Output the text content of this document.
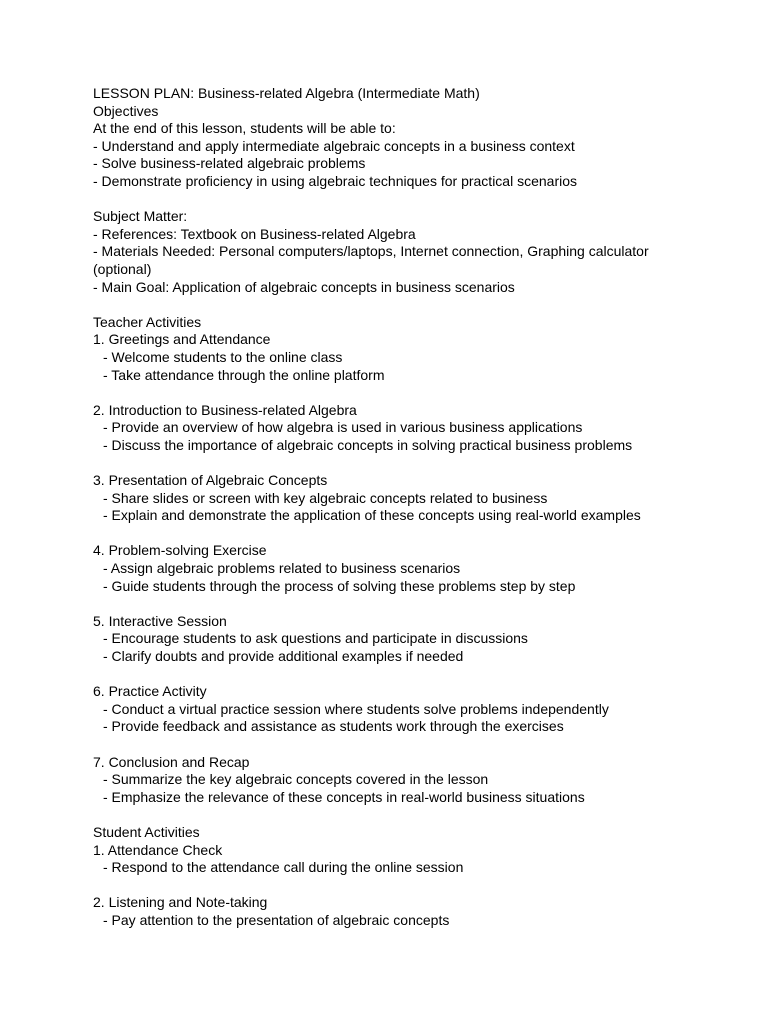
LESSON PLAN: Business-related Algebra (Intermediate Math)
Objectives
At the end of this lesson, students will be able to:
- Understand and apply intermediate algebraic concepts in a business context
- Solve business-related algebraic problems
- Demonstrate proficiency in using algebraic techniques for practical scenarios
Subject Matter:
- References: Textbook on Business-related Algebra
- Materials Needed: Personal computers/laptops, Internet connection, Graphing calculator
(optional)
- Main Goal: Application of algebraic concepts in business scenarios
Teacher Activities
1. Greetings and Attendance
- Welcome students to the online class
- Take attendance through the online platform
2. Introduction to Business-related Algebra
- Provide an overview of how algebra is used in various business applications
- Discuss the importance of algebraic concepts in solving practical business problems
3. Presentation of Algebraic Concepts
- Share slides or screen with key algebraic concepts related to business
- Explain and demonstrate the application of these concepts using real-world examples
4. Problem-solving Exercise
- Assign algebraic problems related to business scenarios
- Guide students through the process of solving these problems step by step
5. Interactive Session
- Encourage students to ask questions and participate in discussions
- Clarify doubts and provide additional examples if needed
6. Practice Activity
- Conduct a virtual practice session where students solve problems independently
- Provide feedback and assistance as students work through the exercises
7. Conclusion and Recap
- Summarize the key algebraic concepts covered in the lesson
- Emphasize the relevance of these concepts in real-world business situations
Student Activities
1. Attendance Check
- Respond to the attendance call during the online session
2. Listening and Note-taking
- Pay attention to the presentation of algebraic concepts
